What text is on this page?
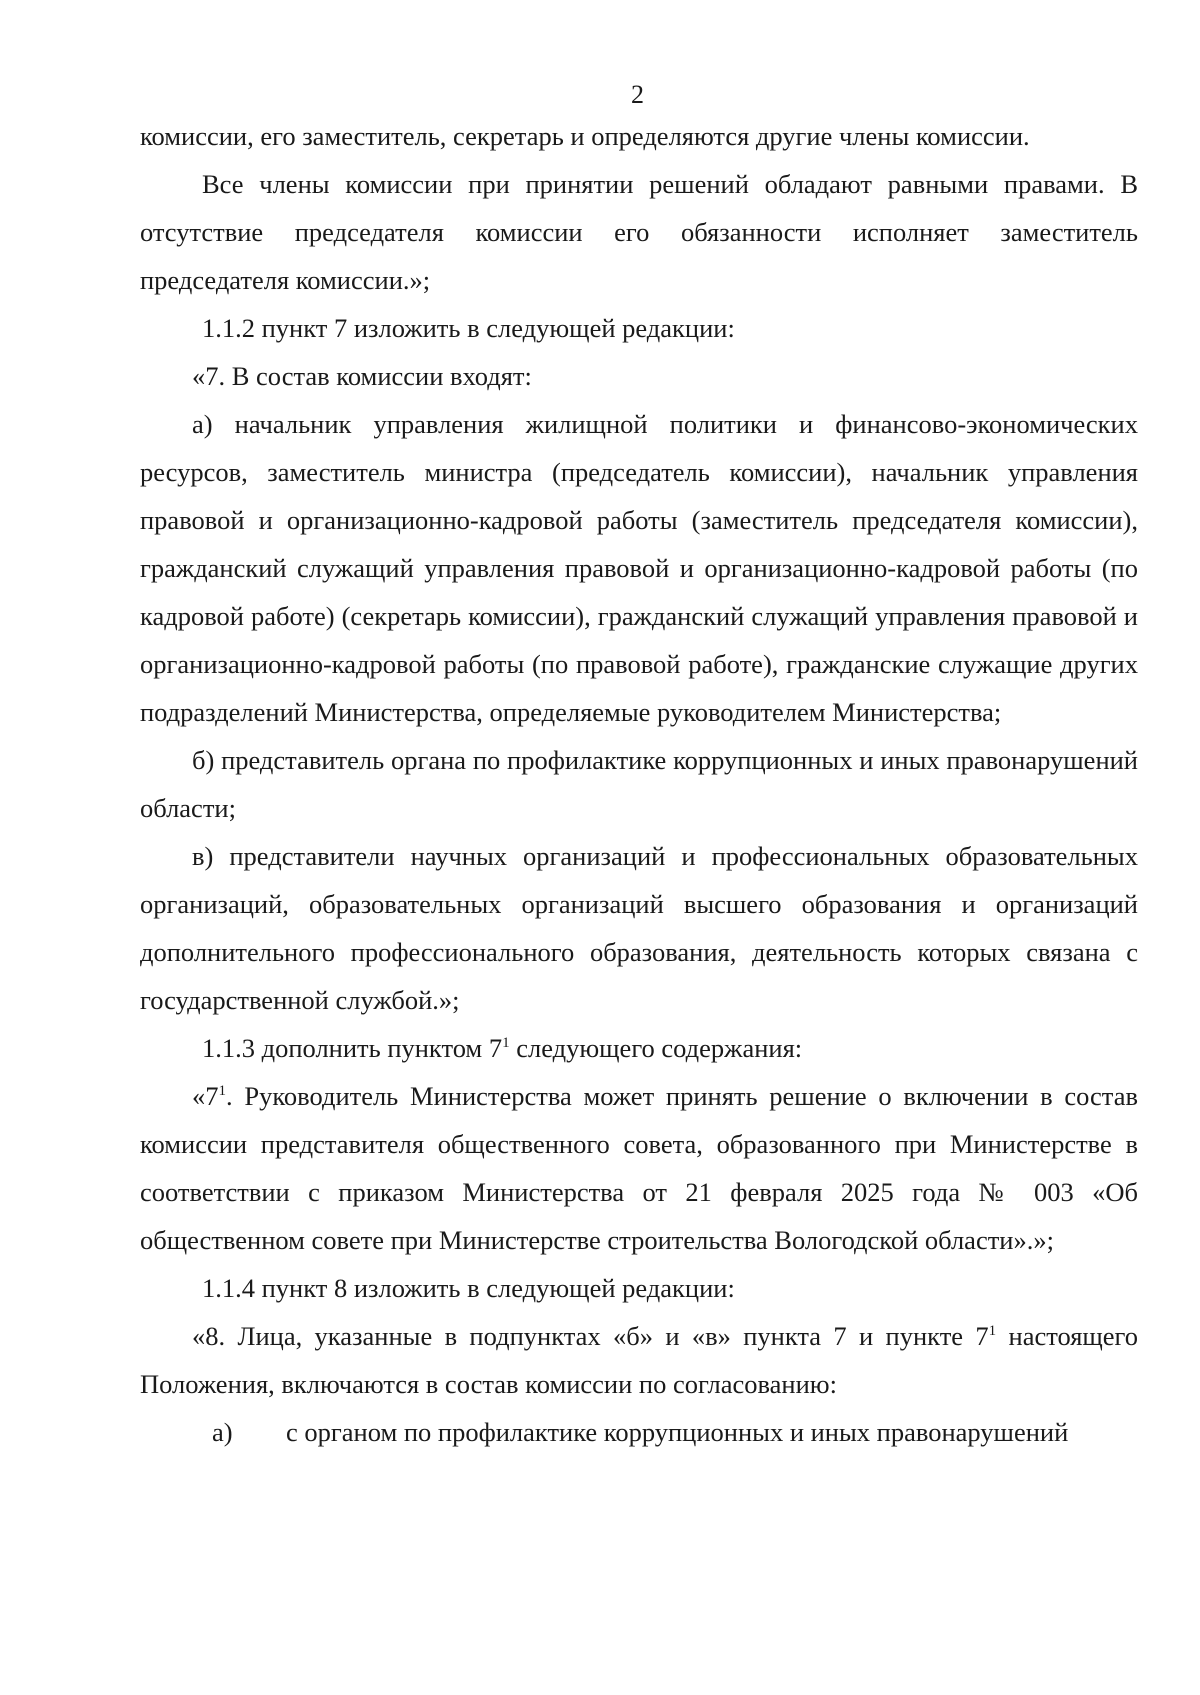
2

комиссии, его заместитель, секретарь и определяются другие члены комиссии.

Все члены комиссии при принятии решений обладают равными правами. В отсутствие председателя комиссии его обязанности исполняет заместитель председателя комиссии.»;

1.1.2 пункт 7 изложить в следующей редакции:

«7. В состав комиссии входят:

а) начальник управления жилищной политики и финансово-экономических ресурсов, заместитель министра (председатель комиссии), начальник управления правовой и организационно-кадровой работы (заместитель председателя комиссии), гражданский служащий управления правовой и организационно-кадровой работы (по кадровой работе) (секретарь комиссии), гражданский служащий управления правовой и организационно-кадровой работы (по правовой работе), гражданские служащие других подразделений Министерства, определяемые руководителем Министерства;

б) представитель органа по профилактике коррупционных и иных правонарушений области;

в) представители научных организаций и профессиональных образовательных организаций, образовательных организаций высшего образования и организаций дополнительного профессионального образования, деятельность которых связана с государственной службой.»;

1.1.3 дополнить пунктом $7^1$ следующего содержания:

«$7^1$. Руководитель Министерства может принять решение о включении в состав комиссии представителя общественного совета, образованного при Министерстве в соответствии с приказом Министерства от 21 февраля 2025 года № 003 «Об общественном совете при Министерстве строительства Вологодской области».»;

1.1.4 пункт 8 изложить в следующей редакции:

«8. Лица, указанные в подпунктах «б» и «в» пункта 7 и пункте $7^1$ настоящего Положения, включаются в состав комиссии по согласованию:

а)	с органом по профилактике коррупционных и иных правонарушений
